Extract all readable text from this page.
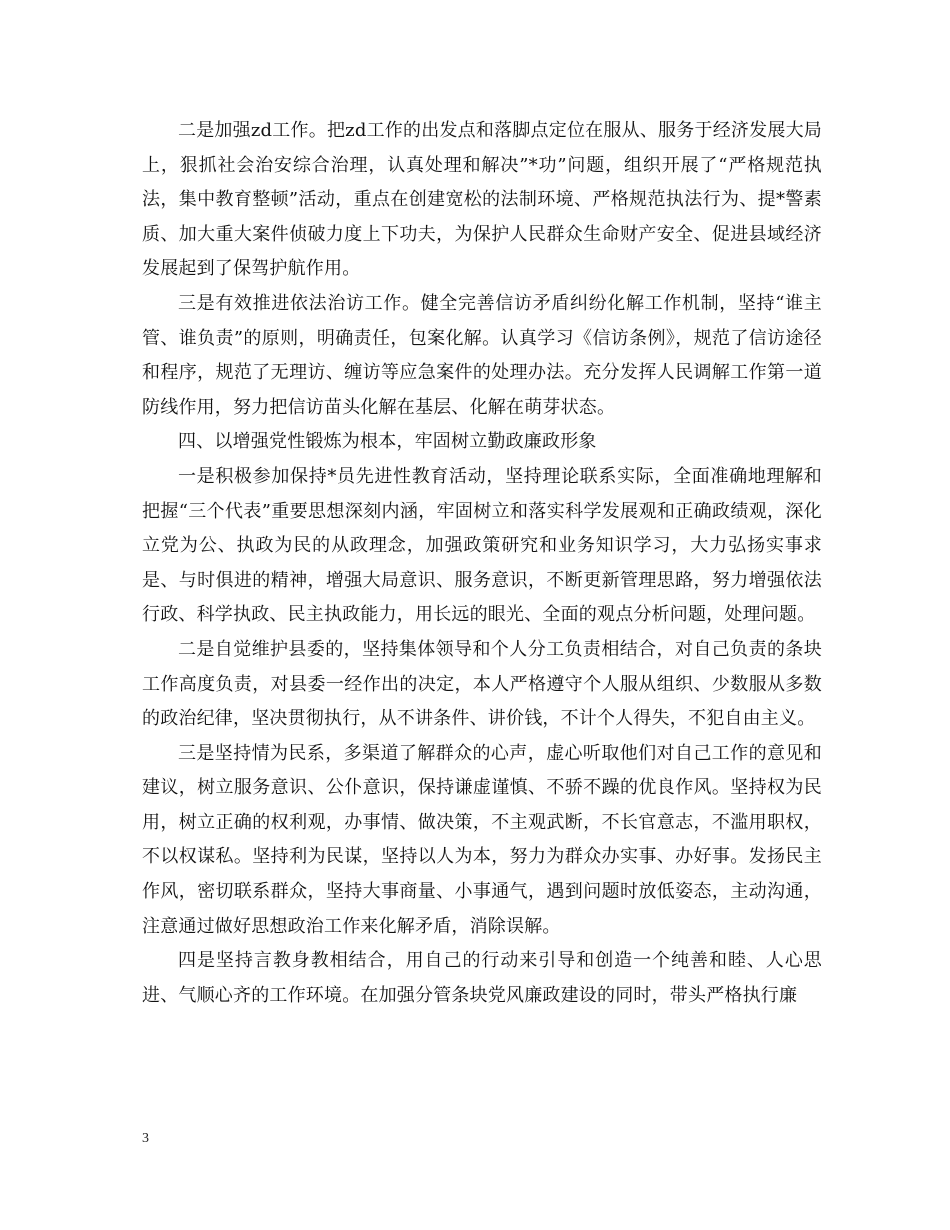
二是加强zd工作。把zd工作的出发点和落脚点定位在服从、服务于经济发展大局上，狠抓社会治安综合治理，认真处理和解决”*功”问题，组织开展了“严格规范执法，集中教育整顿”活动，重点在创建宽松的法制环境、严格规范执法行为、提*警素质、加大重大案件侦破力度上下功夫，为保护人民群众生命财产安全、促进县域经济发展起到了保驾护航作用。

三是有效推进依法治访工作。健全完善信访矛盾纠纷化解工作机制，坚持“谁主管、谁负责”的原则，明确责任，包案化解。认真学习《信访条例》，规范了信访途径和程序，规范了无理访、缠访等应急案件的处理办法。充分发挥人民调解工作第一道防线作用，努力把信访苗头化解在基层、化解在萌芽状态。

四、以增强党性锻炼为根本，牢固树立勤政廉政形象

一是积极参加保持*员先进性教育活动，坚持理论联系实际，全面准确地理解和把握“三个代表”重要思想深刻内涵，牢固树立和落实科学发展观和正确政绩观，深化立党为公、执政为民的从政理念，加强政策研究和业务知识学习，大力弘扬实事求是、与时俱进的精神，增强大局意识、服务意识，不断更新管理思路，努力增强依法行政、科学执政、民主执政能力，用长远的眼光、全面的观点分析问题，处理问题。

二是自觉维护县委的，坚持集体领导和个人分工负责相结合，对自己负责的条块工作高度负责，对县委一经作出的决定，本人严格遵守个人服从组织、少数服从多数的政治纪律，坚决贯彻执行，从不讲条件、讲价钱，不计个人得失，不犯自由主义。

三是坚持情为民系，多渠道了解群众的心声，虚心听取他们对自己工作的意见和建议，树立服务意识、公仆意识，保持谦虚谨慎、不骄不躁的优良作风。坚持权为民用，树立正确的权利观，办事情、做决策，不主观武断，不长官意志，不滥用职权，不以权谋私。坚持利为民谋，坚持以人为本，努力为群众办实事、办好事。发扬民主作风，密切联系群众，坚持大事商量、小事通气，遇到问题时放低姿态，主动沟通，注意通过做好思想政治工作来化解矛盾，消除误解。

四是坚持言教身教相结合，用自己的行动来引导和创造一个纯善和睦、人心思进、气顺心齐的工作环境。在加强分管条块党风廉政建设的同时，带头严格执行廉

3
